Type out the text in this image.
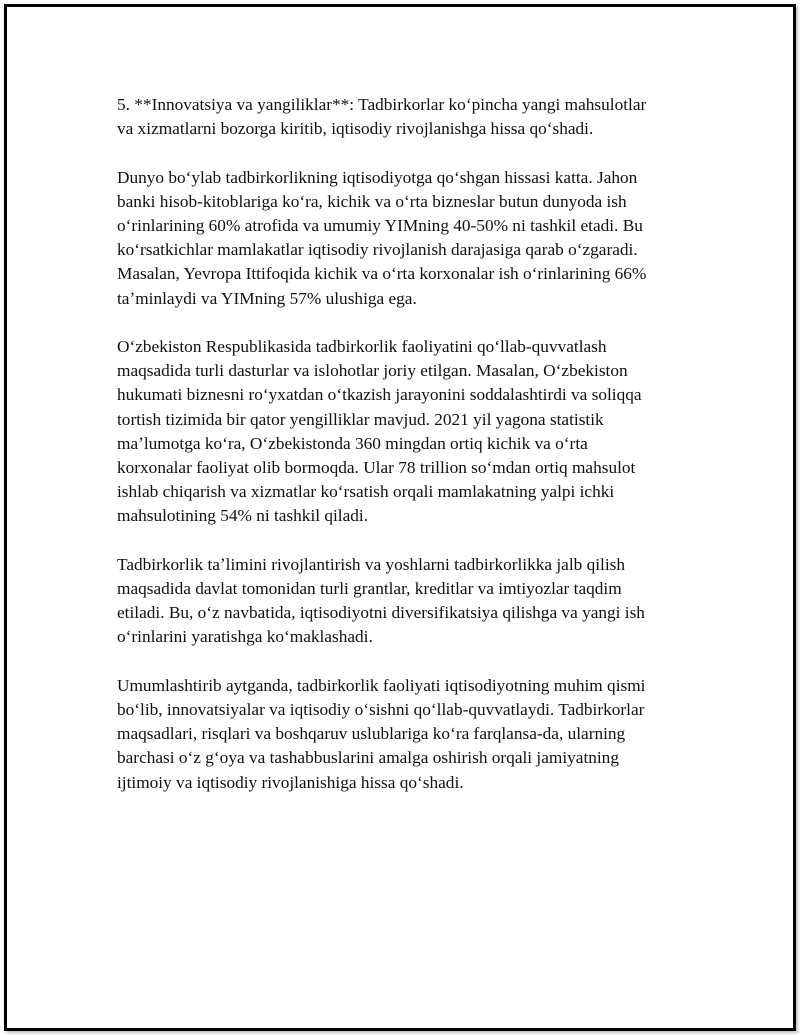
5. **Innovatsiya va yangiliklar**: Tadbirkorlar koʻpincha yangi mahsulotlar
va xizmatlarni bozorga kiritib, iqtisodiy rivojlanishga hissa qoʻshadi.

Dunyo boʻylab tadbirkorlikning iqtisodiyotga qoʻshgan hissasi katta. Jahon
banki hisob-kitoblariga koʻra, kichik va oʻrta bizneslar butun dunyoda ish
oʻrinlarining 60% atrofida va umumiy YIMning 40-50% ni tashkil etadi. Bu
koʻrsatkichlar mamlakatlar iqtisodiy rivojlanish darajasiga qarab oʻzgaradi.
Masalan, Yevropa Ittifoqida kichik va oʻrta korxonalar ish oʻrinlarining 66%
taʼminlaydi va YIMning 57% ulushiga ega.

Oʻzbekiston Respublikasida tadbirkorlik faoliyatini qoʻllab-quvvatlash
maqsadida turli dasturlar va islohotlar joriy etilgan. Masalan, Oʻzbekiston
hukumati biznesni roʻyxatdan oʻtkazish jarayonini soddalashtirdi va soliqqa
tortish tizimida bir qator yengilliklar mavjud. 2021 yil yagona statistik
maʼlumotga koʻra, Oʻzbekistonda 360 mingdan ortiq kichik va oʻrta
korxonalar faoliyat olib bormoqda. Ular 78 trillion soʻmdan ortiq mahsulot
ishlab chiqarish va xizmatlar koʻrsatish orqali mamlakatning yalpi ichki
mahsulotining 54% ni tashkil qiladi.

Tadbirkorlik taʼlimini rivojlantirish va yoshlarni tadbirkorlikka jalb qilish
maqsadida davlat tomonidan turli grantlar, kreditlar va imtiyozlar taqdim
etiladi. Bu, oʻz navbatida, iqtisodiyotni diversifikatsiya qilishga va yangi ish
oʻrinlarini yaratishga koʻmaklashadi.

Umumlashtirib aytganda, tadbirkorlik faoliyati iqtisodiyotning muhim qismi
boʻlib, innovatsiyalar va iqtisodiy oʻsishni qoʻllab-quvvatlaydi. Tadbirkorlar
maqsadlari, risqlari va boshqaruv uslublariga koʻra farqlansa-da, ularning
barchasi oʻz gʻoya va tashabbuslarini amalga oshirish orqali jamiyatning
ijtimoiy va iqtisodiy rivojlanishiga hissa qoʻshadi.
